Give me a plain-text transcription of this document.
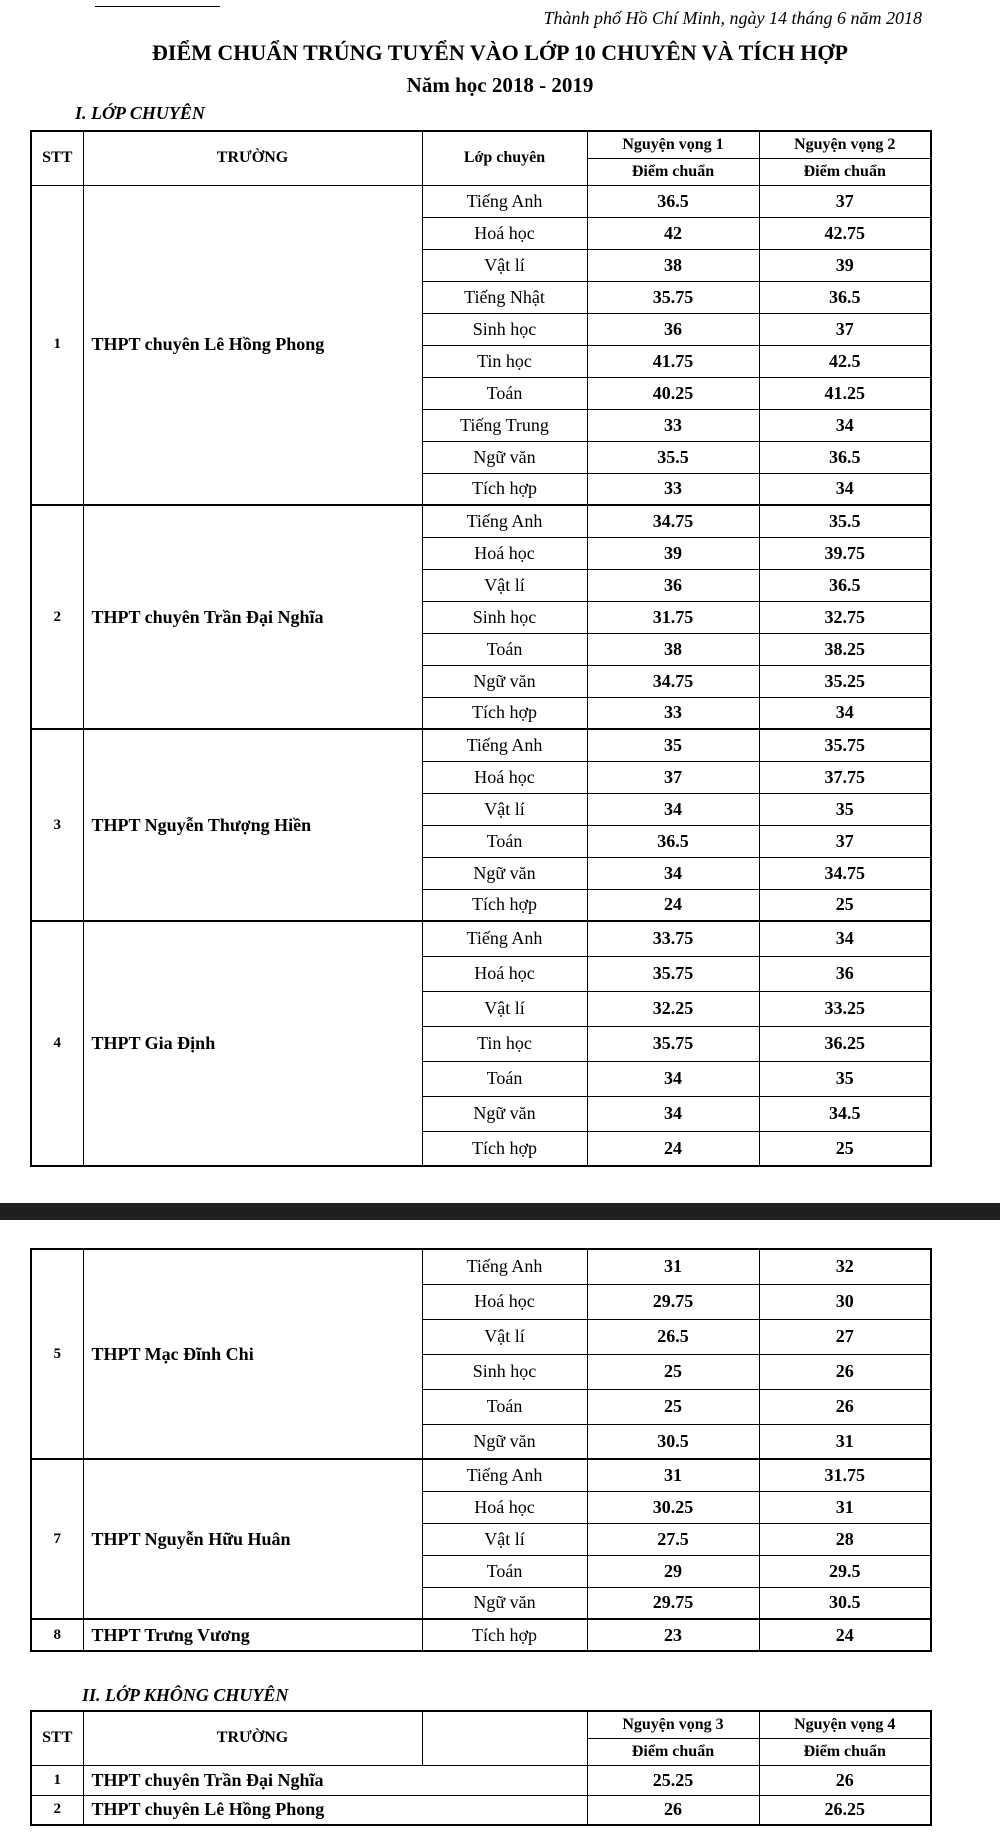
Thành phố Hồ Chí Minh, ngày 14 tháng 6 năm 2018
ĐIỂM CHUẨN TRÚNG TUYỂN VÀO LỚP 10 CHUYÊN VÀ TÍCH HỢP
Năm học 2018 - 2019
I. LỚP CHUYÊN
STT	TRƯỜNG	Lớp chuyên	Nguyện vọng 1	Nguyện vọng 2
			Điểm chuẩn	Điểm chuẩn
1	THPT chuyên Lê Hồng Phong	Tiếng Anh	36.5	37
		Hoá học	42	42.75
		Vật lí	38	39
		Tiếng Nhật	35.75	36.5
		Sinh học	36	37
		Tin học	41.75	42.5
		Toán	40.25	41.25
		Tiếng Trung	33	34
		Ngữ văn	35.5	36.5
		Tích hợp	33	34
2	THPT chuyên Trần Đại Nghĩa	Tiếng Anh	34.75	35.5
		Hoá học	39	39.75
		Vật lí	36	36.5
		Sinh học	31.75	32.75
		Toán	38	38.25
		Ngữ văn	34.75	35.25
		Tích hợp	33	34
3	THPT Nguyễn Thượng Hiền	Tiếng Anh	35	35.75
		Hoá học	37	37.75
		Vật lí	34	35
		Toán	36.5	37
		Ngữ văn	34	34.75
		Tích hợp	24	25
4	THPT Gia Định	Tiếng Anh	33.75	34
		Hoá học	35.75	36
		Vật lí	32.25	33.25
		Tin học	35.75	36.25
		Toán	34	35
		Ngữ văn	34	34.5
		Tích hợp	24	25
5	THPT Mạc Đĩnh Chi	Tiếng Anh	31	32
		Hoá học	29.75	30
		Vật lí	26.5	27
		Sinh học	25	26
		Toán	25	26
		Ngữ văn	30.5	31
7	THPT Nguyễn Hữu Huân	Tiếng Anh	31	31.75
		Hoá học	30.25	31
		Vật lí	27.5	28
		Toán	29	29.5
		Ngữ văn	29.75	30.5
8	THPT Trưng Vương	Tích hợp	23	24
II. LỚP KHÔNG CHUYÊN
STT	TRƯỜNG		Nguyện vọng 3	Nguyện vọng 4
			Điểm chuẩn	Điểm chuẩn
1	THPT chuyên Trần Đại Nghĩa		25.25	26
2	THPT chuyên Lê Hồng Phong		26	26.25
